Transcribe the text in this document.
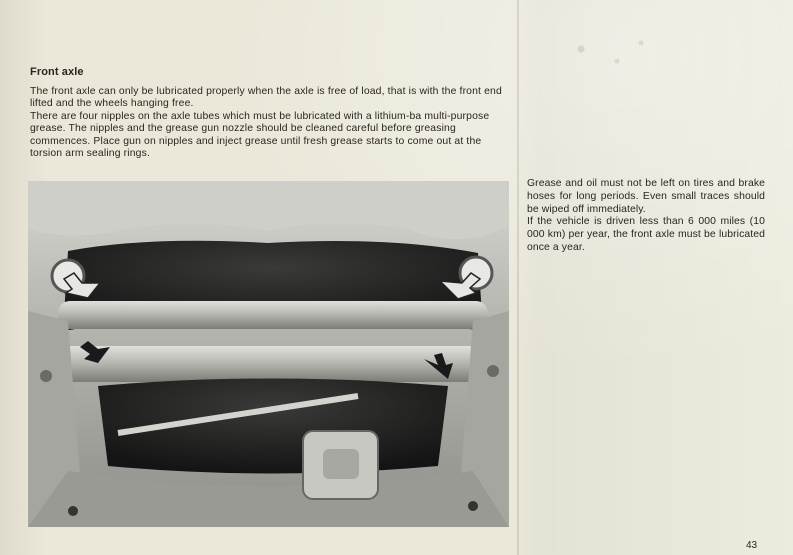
Front axle

The front axle can only be lubricated properly when the axle is free of load, that is with the front end lifted and the wheels hanging free.

There are four nipples on the axle tubes which must be lubricated with a lithium-ba multi-purpose grease. The nipples and the grease gun nozzle should be cleaned careful before greasing commences. Place gun on nipples and inject grease until fresh grease starts to come out at the torsion arm sealing rings.

Grease and oil must not be left on tires and brake hoses for long periods. Even small traces should be wiped off immediately.

If the vehicle is driven less than 6 000 miles (10 000 km) per year, the front axle must be lubricated once a year.

43
